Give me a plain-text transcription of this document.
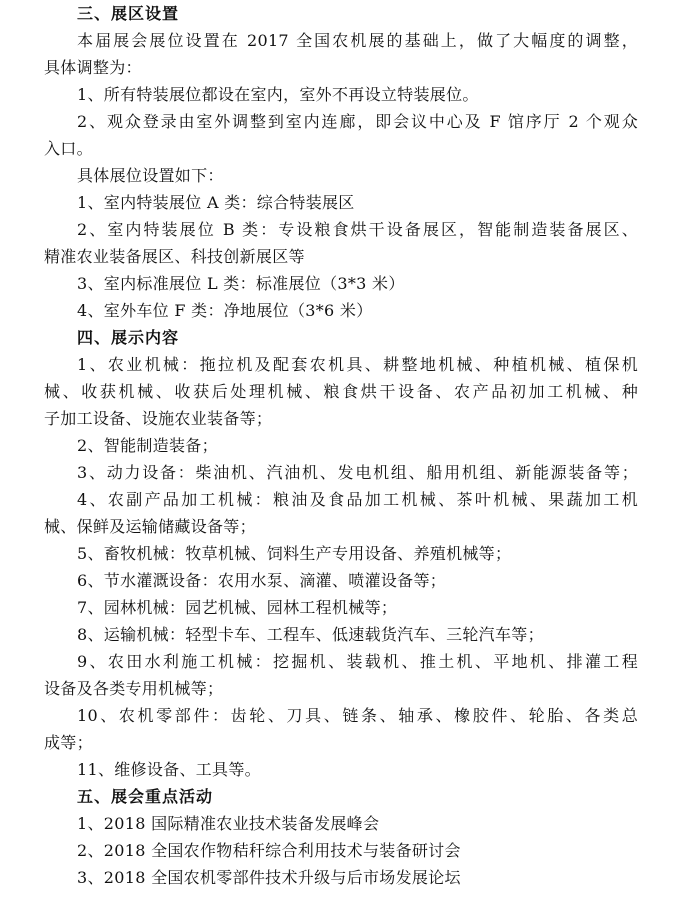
三、展区设置
本届展会展位设置在 2017 全国农机展的基础上，做了大幅度的调整，
具体调整为：
1、所有特装展位都设在室内，室外不再设立特装展位。
2、观众登录由室外调整到室内连廊，即会议中心及 F 馆序厅 2 个观众
入口。
具体展位设置如下：
1、室内特装展位 A 类：综合特装展区
2、室内特装展位 B 类：专设粮食烘干设备展区，智能制造装备展区、
精准农业装备展区、科技创新展区等
3、室内标准展位 L 类：标准展位（3*3 米）
4、室外车位 F 类：净地展位（3*6 米）
四、展示内容
1、农业机械：拖拉机及配套农机具、耕整地机械、种植机械、植保机
械、收获机械、收获后处理机械、粮食烘干设备、农产品初加工机械、种
子加工设备、设施农业装备等；
2、智能制造装备；
3、动力设备：柴油机、汽油机、发电机组、船用机组、新能源装备等；
4、农副产品加工机械：粮油及食品加工机械、茶叶机械、果蔬加工机
械、保鲜及运输储藏设备等；
5、畜牧机械：牧草机械、饲料生产专用设备、养殖机械等；
6、节水灌溉设备：农用水泵、滴灌、喷灌设备等；
7、园林机械：园艺机械、园林工程机械等；
8、运输机械：轻型卡车、工程车、低速载货汽车、三轮汽车等；
9、农田水利施工机械：挖掘机、装载机、推土机、平地机、排灌工程
设备及各类专用机械等；
10、农机零部件：齿轮、刀具、链条、轴承、橡胶件、轮胎、各类总
成等；
11、维修设备、工具等。
五、展会重点活动
1、2018 国际精准农业技术装备发展峰会
2、2018 全国农作物秸秆综合利用技术与装备研讨会
3、2018 全国农机零部件技术升级与后市场发展论坛
